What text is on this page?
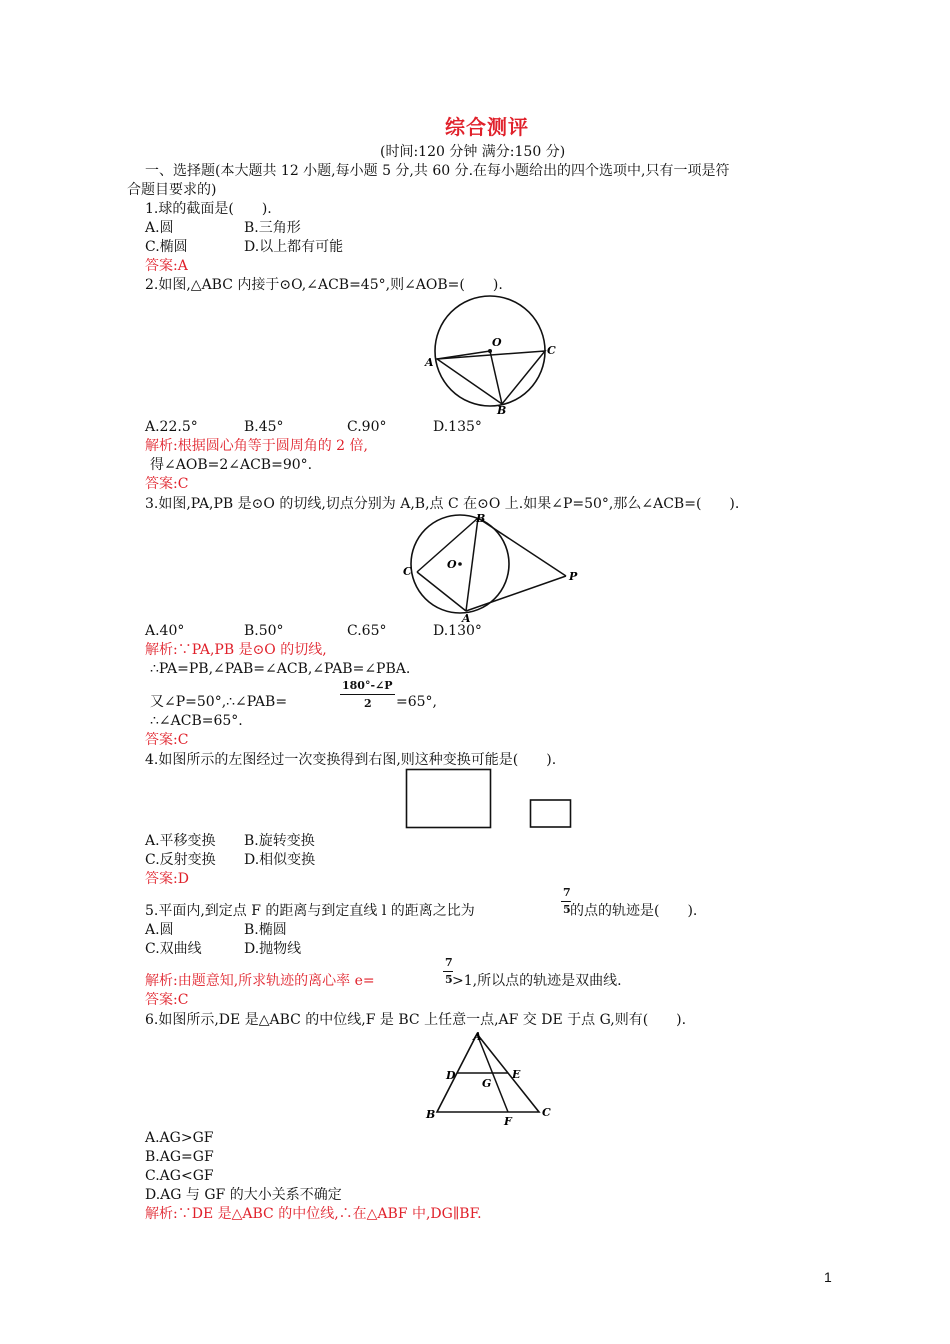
综合测评
(时间:120 分钟 满分:150 分)
一、选择题(本大题共 12 小题,每小题 5 分,共 60 分.在每小题给出的四个选项中,只有一项是符
合题目要求的)
1.球的截面是(　　).
A.圆	B.三角形
C.椭圆	D.以上都有可能
答案:A
2.如图,△ABC 内接于⊙O,∠ACB=45°,则∠AOB=(　　).
O
A
B
C
A.22.5°	B.45°	C.90°	D.135°
解析:根据圆心角等于圆周角的 2 倍,
得∠AOB=2∠ACB=90°.
答案:C
3.如图,PA,PB 是⊙O 的切线,切点分别为 A,B,点 C 在⊙O 上.如果∠P=50°,那么∠ACB=(　　).
O
C
B
A
P
A.40°	B.50°	C.65°	D.130°
解析:∵PA,PB 是⊙O 的切线,
∴PA=PB,∠PAB=∠ACB,∠PAB=∠PBA.
又∠P=50°,∴∠PAB=
180°-∠P
2 =65°,
∴∠ACB=65°.
答案:C
4.如图所示的左图经过一次变换得到右图,则这种变换可能是(　　).
A.平移变换 B.旋转变换
C.反射变换 D.相似变换
答案:D
5.平面内,到定点 F 的距离与到定直线 l 的距离之比为
7
5 的点的轨迹是(　　).
A.圆	B.椭圆
C.双曲线	D.抛物线
解析:由题意知,所求轨迹的离心率 e=
7
5 >1,所以点的轨迹是双曲线.
答案:C
6.如图所示,DE 是△ABC 的中位线,F 是 BC 上任意一点,AF 交 DE 于点 G,则有(　　).
A
D	E
G
B	C
F
A.AG>GF
B.AG=GF
C.AG<GF
D.AG 与 GF 的大小关系不确定
解析:∵DE 是△ABC 的中位线,∴在△ABF 中,DG∥BF.
1
